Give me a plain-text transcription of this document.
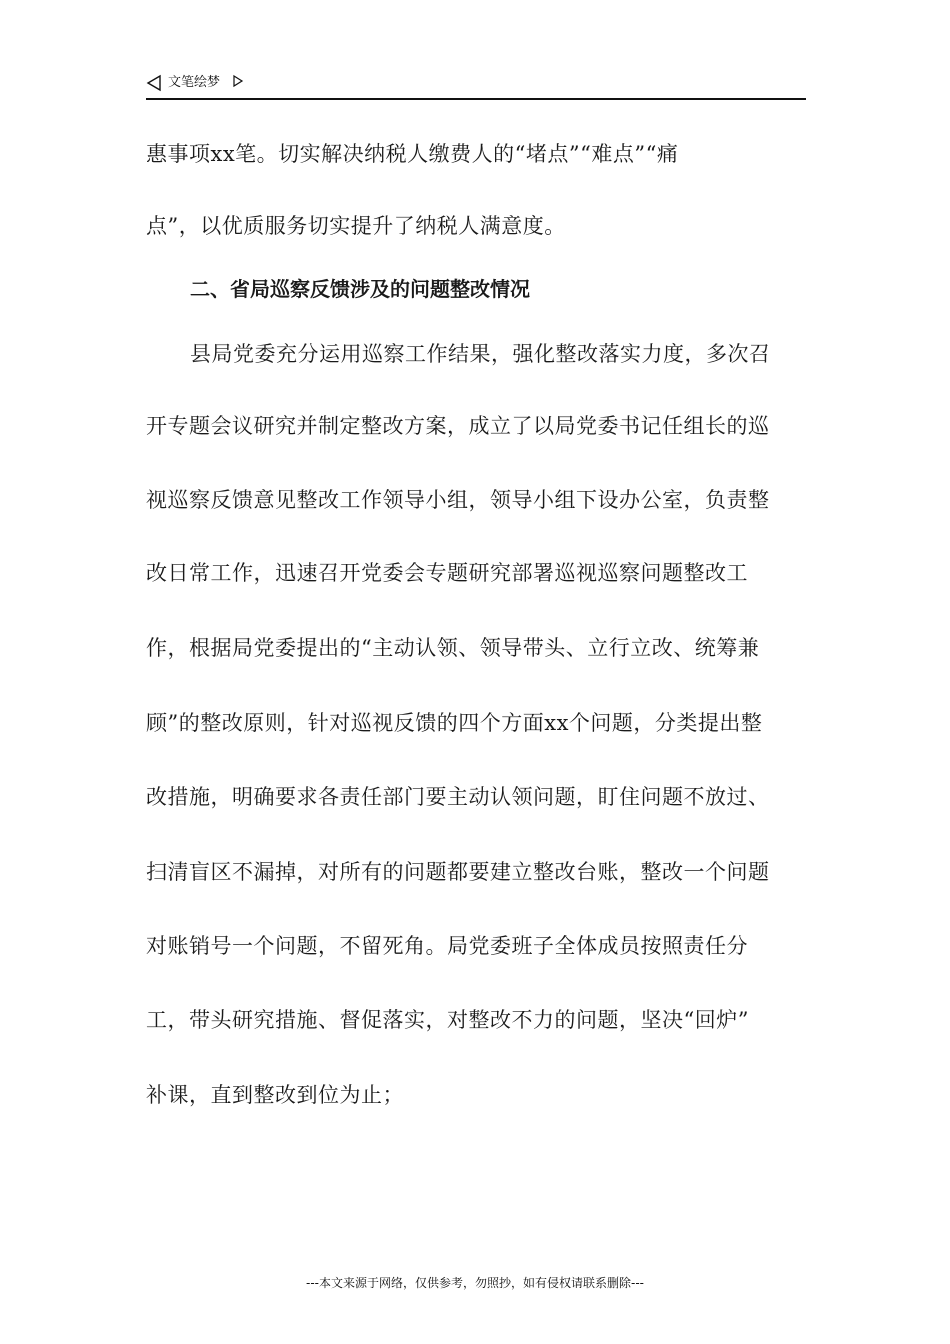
文笔绘梦
惠事项xx笔。切实解决纳税人缴费人的“堵点”“难点”“痛
点”，以优质服务切实提升了纳税人满意度。
二、省局巡察反馈涉及的问题整改情况
县局党委充分运用巡察工作结果，强化整改落实力度，多次召
开专题会议研究并制定整改方案，成立了以局党委书记任组长的巡
视巡察反馈意见整改工作领导小组，领导小组下设办公室，负责整
改日常工作，迅速召开党委会专题研究部署巡视巡察问题整改工
作，根据局党委提出的“主动认领、领导带头、立行立改、统筹兼
顾”的整改原则，针对巡视反馈的四个方面xx个问题，分类提出整
改措施，明确要求各责任部门要主动认领问题，盯住问题不放过、
扫清盲区不漏掉，对所有的问题都要建立整改台账，整改一个问题
对账销号一个问题，不留死角。局党委班子全体成员按照责任分
工，带头研究措施、督促落实，对整改不力的问题，坚决“回炉”
补课，直到整改到位为止；
---本文来源于网络，仅供参考，勿照抄，如有侵权请联系删除---
